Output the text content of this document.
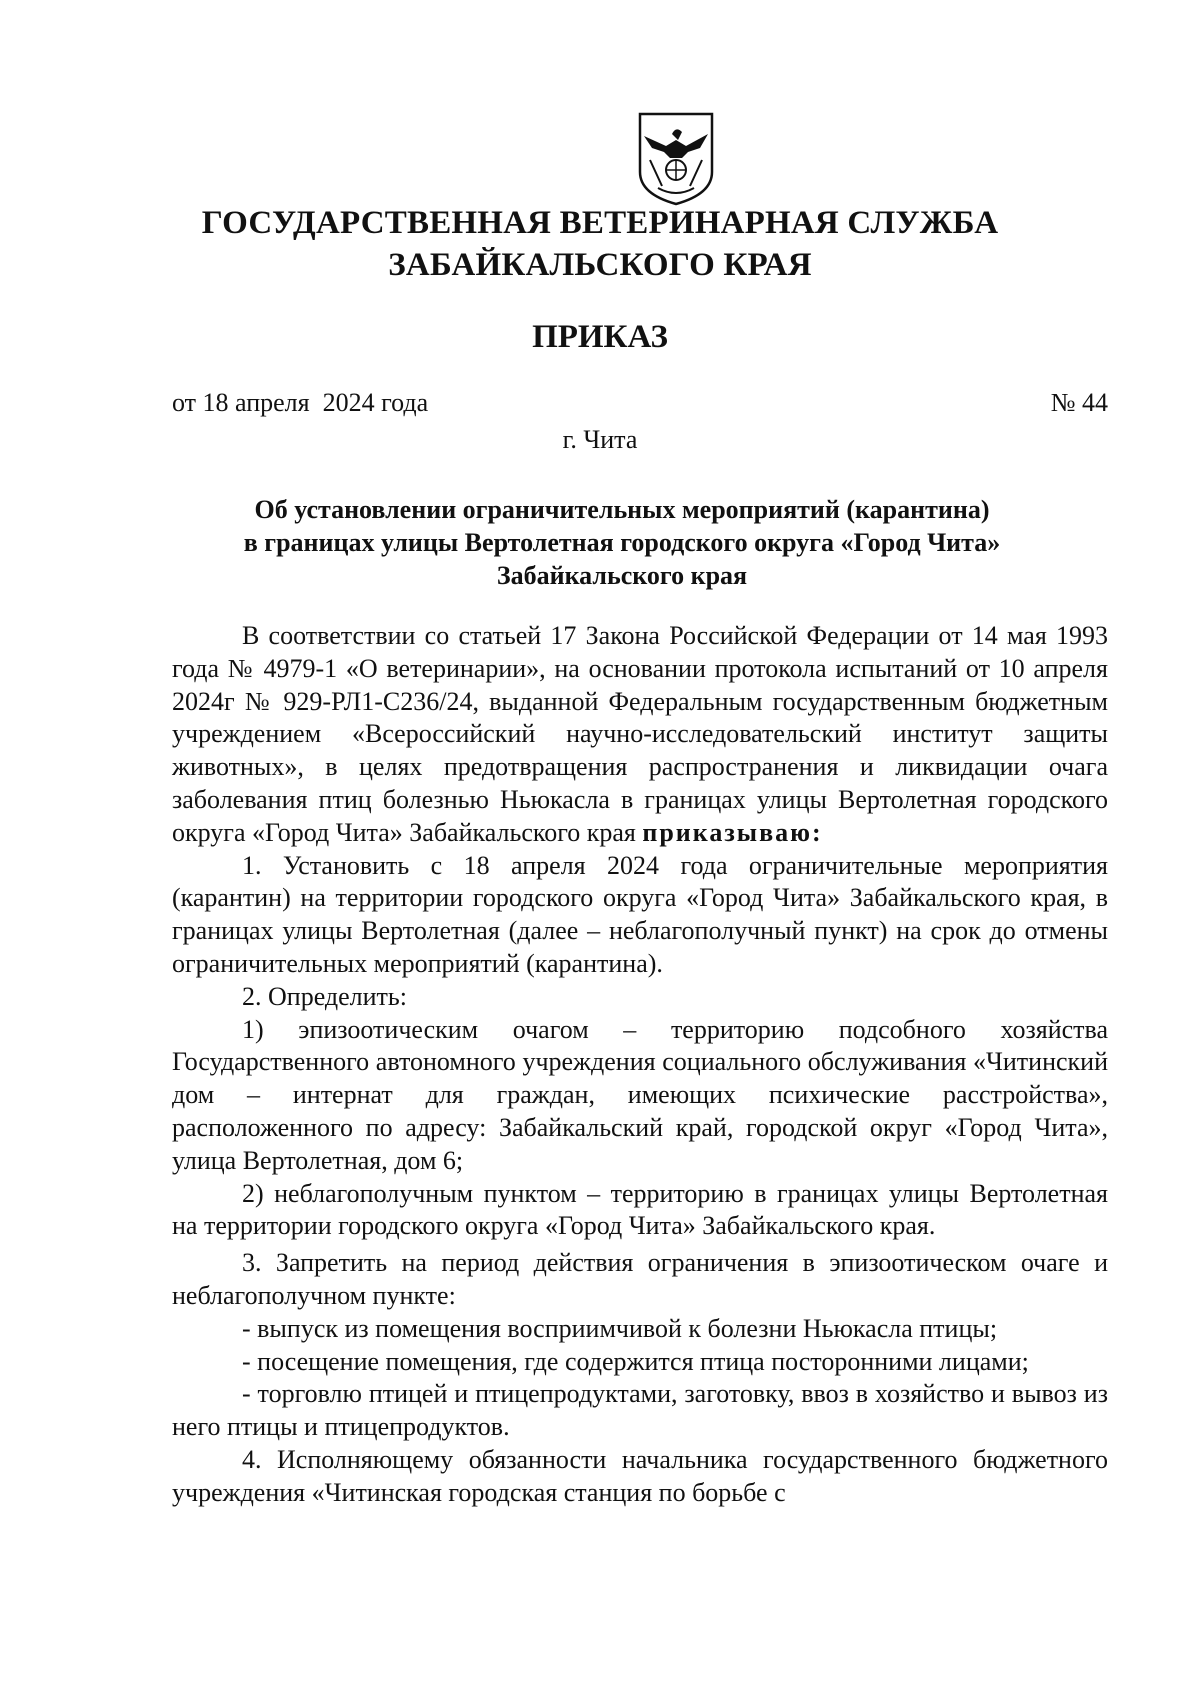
ГОСУДАРСТВЕННАЯ ВЕТЕРИНАРНАЯ СЛУЖБА
ЗАБАЙКАЛЬСКОГО КРАЯ
ПРИКАЗ
от 18 апреля  2024 года	№ 44
г. Чита
Об установлении ограничительных мероприятий (карантина)
в границах улицы Вертолетная городского округа «Город Чита»
Забайкальского края

В соответствии со статьей 17 Закона Российской Федерации от 14 мая 1993 года № 4979-1 «О ветеринарии», на основании протокола испытаний от 10 апреля 2024г № 929-РЛ1-С236/24, выданной Федеральным государственным бюджетным учреждением «Всероссийский научно-исследовательский институт защиты животных», в целях предотвращения распространения и ликвидации очага заболевания птиц болезнью Ньюкасла в границах улицы Вертолетная городского округа «Город Чита» Забайкальского края приказываю:

1. Установить с 18 апреля 2024 года ограничительные мероприятия (карантин) на территории городского округа «Город Чита» Забайкальского края, в границах улицы Вертолетная (далее – неблагополучный пункт) на срок до отмены ограничительных мероприятий (карантина).

2. Определить:

1) эпизоотическим очагом – территорию подсобного хозяйства Государственного автономного учреждения социального обслуживания «Читинский дом – интернат для граждан, имеющих психические расстройства», расположенного по адресу: Забайкальский край, городской округ «Город Чита», улица Вертолетная, дом 6;

2) неблагополучным пунктом – территорию в границах улицы Вертолетная на территории городского округа «Город Чита» Забайкальского края.

3. Запретить на период действия ограничения в эпизоотическом очаге и неблагополучном пункте:

- выпуск из помещения восприимчивой к болезни Ньюкасла птицы;

- посещение помещения, где содержится птица посторонними лицами;

- торговлю птицей и птицепродуктами, заготовку, ввоз в хозяйство и вывоз из него птицы и птицепродуктов.

4. Исполняющему обязанности начальника государственного бюджетного учреждения «Читинская городская станция по борьбе с
